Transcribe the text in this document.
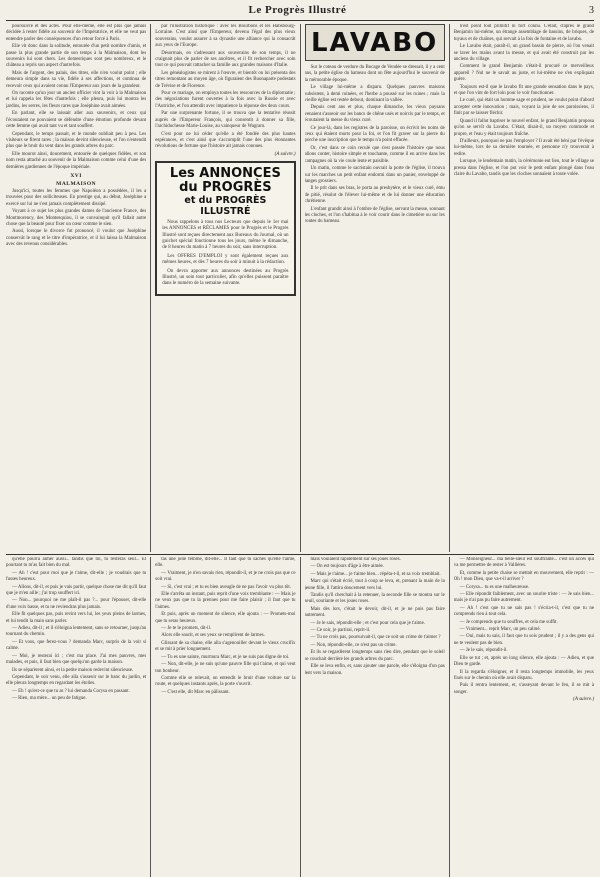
Le Progrès Illustré	3

poursuivre et des actes. Pour elle-même, elle est plus que jamais décidée à rester fidèle au souvenir de l'Impératrice, et elle ne veut pas entendre parler des conséquences d'un retour forcé à Paris.

Elle vit donc dans la solitude, entourée d'un petit nombre d'amis, et passe la plus grande partie de son temps à la Malmaison, dont les souvenirs lui sont chers. Les domestiques sont peu nombreux, et le château a repris son aspect d'autrefois.

Mais de l'argent, des palais, des titres, elle n'en voulut point ; elle demeura simple dans sa vie, fidèle à ses affections, et continua de recevoir ceux qui avaient connu l'Empereur aux jours de la grandeur.

On raconte qu'un jour un ancien officier vint la voir à la Malmaison et lui rappela les fêtes d'autrefois ; elle pleura, puis lui montra les jardins, les serres, les fleurs rares que Joséphine avait aimées.

En parlant, elle se laissait aller aux souvenirs, et ceux qui l'écoutaient ne pouvaient se défendre d'une émotion profonde devant cette femme qui avait tant vu et tant souffert.

Cependant, le temps passait, et le monde oubliait peu à peu. Les visiteurs se firent rares ; la maison devint silencieuse, et l'on n'entendit plus que le bruit du vent dans les grands arbres du parc.

Elle mourut ainsi, doucement, entourée de quelques fidèles, et son nom resta attaché au souvenir de la Malmaison comme celui d'une des dernières gardiennes de l'époque impériale.

XVI
MALMAISON

Jusqu'ici, toutes les femmes que Napoléon a possédées, il les a trouvées pour des solliciteuses. En prestige qui, au début, Joséphine a exercé sur lui ne s'est jamais complètement dissipé.

Voyant à ce sujet les plus grandes dames de l'ancienne France, des Montmorency, des Montesquiou, il se convainquit qu'il fallait autre chose que la beauté pour fixer un cœur comme le sien.

Aussi, lorsque le divorce fut prononcé, il voulut que Joséphine conservât le rang et le titre d'impératrice, et il lui laissa la Malmaison avec des revenus considérables.

par l'illustration historique : avec les Bourbons et les Habsbourg-Lorraine. C'est ainsi que l'Empereur, devenu l'égal des plus vieux souverains, voulut assurer à sa dynastie une alliance qui la consacrât aux yeux de l'Europe.

Désormais, en s'adressant aux souverains de son temps, il ne craignait plus de parler de ses ancêtres, et il fit rechercher avec soin tout ce qui pouvait rattacher sa famille aux grandes maisons d'Italie.

Les généalogistes se mirent à l'œuvre, et bientôt on lui présenta des titres remontant au moyen âge, où figuraient des Buonaparte podestats de Trévise et de Florence.

Pour ce mariage, on employa toutes les ressources de la diplomatie ; des négociations furent ouvertes à la fois avec la Russie et avec l'Autriche, et l'on attendit avec impatience la réponse des deux cours.

Par une surprenante fortune, il se trouva que la tentative réussit auprès de l'Empereur François, qui consentit à donner sa fille, l'archiduchesse Marie-Louise, au vainqueur de Wagram.

C'est pour ne lui céder qu'elle a été fondée des plus hautes espérances, et c'est ainsi que s'accomplit l'une des plus étonnantes révolutions de fortune que l'histoire ait jamais connues.

(A suivre.)
Les ANNONCES du PROGRÈS
et du PROGRÈS ILLUSTRÉ

Nous rappelons à tous nos Lecteurs que depuis le 1er mai les ANNONCES et RÉCLAMES pour le Progrès et le Progrès Illustré sont reçues directement aux Bureaux du Journal, où un guichet spécial fonctionne tous les jours, même le dimanche, de 8 heures du matin à 7 heures du soir, sans interruption.

Les OFFRES D'EMPLOI y sont également reçues aux mêmes heures, et dès 7 heures du soir à minuit à la rédaction.

On devra apporter aux annonces destinées au Progrès Illustré, un soin tout particulier, afin qu'elles puissent paraître dans le numéro de la semaine suivante.

LAVABO

Sur le coteau de verdure du Bocage de Vendée se dressait, il y a cent ans, la petite église du hameau dont on fête aujourd'hui le souvenir de la mémorable époque.

Le village lui-même a disparu. Quelques pauvres maisons subsistent, à demi ruinées, et l'herbe a poussé sur les ruines ; mais la vieille église est restée debout, dominant la vallée.

Depuis cent ans et plus, chaque dimanche, les vieux paysans venaient s'asseoir sur les bancs de chêne usés et noircis par le temps, et écoutaient la messe du vieux curé.

Ce jour-là, dans les registres de la paroisse, on écrivit les noms de ceux qui étaient morts pour la foi, et l'on fit graver sur la pierre du porche une inscription que le temps n'a point effacée.

Or, c'est dans ce coin reculé que s'est passée l'histoire que nous allons conter, histoire simple et touchante, comme il en arrive dans les campagnes où la vie coule lente et paisible.

Un matin, comme le sacristain ouvrait la porte de l'église, il trouva sur les marches un petit enfant endormi dans un panier, enveloppé de langes grossiers.

Il le prit dans ses bras, le porta au presbytère, et le vieux curé, ému de pitié, résolut de l'élever lui-même et de lui donner une éducation chrétienne.

L'enfant grandit ainsi à l'ombre de l'église, servant la messe, sonnant les cloches, et l'on s'habitua à le voir courir dans le cimetière ou sur les routes du hameau.

n'est point tout primitif ni fort connu. C'était, d'après le grand Benjamin lui-même, un étrange assemblage de bassins, de briques, de tuyaux et de chaînes, qui servait à la fois de fontaine et de lavabo.

Le Lavabo était, paraît-il, un grand bassin de pierre, où l'on venait se laver les mains avant la messe, et qui avait été construit par les anciens du village.

Comment le grand Benjamin s'était-il procuré ce merveilleux appareil ? Nul ne le savait au juste, et lui-même ne s'en expliquait guère.

Toujours est-il que le lavabo fit une grande sensation dans le pays, et que l'on vint de fort loin pour le voir fonctionner.

Le curé, qui était un homme sage et prudent, ne voulut point d'abord accepter cette innovation ; mais, voyant la joie de ses paroissiens, il finit par se laisser fléchir.

Quand il fallut baptiser le nouvel enfant, le grand Benjamin proposa qu'on se servît du Lavabo. C'était, disait-il, un moyen commode et propre, et l'eau y était toujours fraîche.

D'ailleurs, pourquoi ne pas l'employer ? Il avait été béni par l'évêque lui-même, lors de sa dernière tournée, et personne n'y trouverait à redire.

Lorsque, le lendemain matin, la cérémonie eut lieu, tout le village se pressa dans l'église, et l'on put voir le petit enfant plongé dans l'eau claire du Lavabo, tandis que les cloches sonnaient à toute volée.

qu'elle pourra aimer aussi... tandis que toi, tu resteras seul... Et pourtant tu m'as fait bien du mal.

— Ah ! c'est pour moi que je t'aime, dit-elle ; je voudrais que tu fusses heureux.

— Allons, dit-il, et puis je vais partir, quelque chose me dit qu'il faut que je m'en aille ; j'ai trop souffert ici.

— Non... pourquoi ne me plaît-il pas ?... pour l'épouser, dit-elle d'une voix basse, et tu ne reviendras plus jamais.

Elle fit quelques pas, puis revint vers lui, les yeux pleins de larmes, et lui tendit la main sans parler.

— Adieu, dit-il ; et il s'éloigna lentement, sans se retourner, jusqu'au tournant du chemin.

— Et vous, que ferez-vous ? demanda Marc, surpris de la voir si calme.

— Moi, je resterai ici ; c'est ma place. J'ai mes pauvres, mes malades, et puis, il faut bien que quelqu'un garde la maison.

Ils se séparèrent ainsi, et la petite maison redevint silencieuse.

Cependant, le soir venu, elle alla s'asseoir sur le banc du jardin, et elle pleura longtemps en regardant les étoiles.

— Eh ! qu'est-ce que tu as ? lui demanda Corysa en passant.

— Rien, ma mère... un peu de fatigue.

tas une jolie femme, dit-elle... Il faut que tu saches qu'elle t'aime, elle.

— Vraiment, je n'en savais rien, répondit-il, et je ne crois pas que ce soit vrai.

— Si, c'est vrai ; et tu es bien aveugle de ne pas l'avoir vu plus tôt.

Elle s'arrêta un instant, puis reprit d'une voix tremblante : — Mais je ne veux pas que tu la prennes pour me faire plaisir ; il faut que tu l'aimes.

Et puis, après un moment de silence, elle ajouta : — Promets-moi que tu seras heureux.

— Je te le promets, dit-il.

Alors elle sourit, et ses yeux se remplirent de larmes.

Glissant de sa chaise, elle alla s'agenouiller devant le vieux crucifix et se mit à prier longuement.

— Tu es une sainte, murmura Marc, et je ne suis pas digne de toi.

— Non, dit-elle, je ne suis qu'une pauvre fille qui t'aime, et qui veut ton bonheur.

Comme elle se relevait, on entendit le bruit d'une voiture sur la route, et quelques instants après, la porte s'ouvrit.

— C'est elle, dit Marc en pâlissant.

mais voulaient rapidement sur ses joues roses.

— On est toujours d'âge à être aimée.

— Mais je t'aime... je t'aime bien... répéta-t-il, et sa voix tremblait.

Marc qui s'était écrié, tout à coup se leva, et, prenant la main de la jeune fille, il l'attira doucement vers lui.

Tandis qu'il cherchait à la retenuer, la seconde fille se montra sur le seuil, souriante et les joues roses.

Mais dès lors, c'était le devoir, dit-il, et je ne puis pas faire autrement.

— Je le sais, répondit-elle ; et c'est pour cela que je t'aime.

— Ce soir, je partirai, reprit-il.

— Tu ne crois pas, poursuivait-il, que ce soit un crime de t'aimer ?

— Non, répondit-elle, ce n'est pas un crime.

Et ils se regardèrent longtemps sans rien dire, pendant que le soleil se couchait derrière les grands arbres du parc.

Elle se leva enfin, et, sans ajouter une parole, elle s'éloigna d'un pas lent vers la maison.

— Monseigneur... ma belle-sœur est souffrante... c'est un accès qui va me permettre de rester à Vallières.

Et, comme la petite chaise se mettait en mouvement, elle reprit : — Oh ! mon Dieu, que va-t-il arriver ?

— Corysa... tu es une malheureuse.

— Elle répondit faiblement, avec un sourire triste : — Je sais bien... mais je n'ai pas pu faire autrement.

— Ah ! c'est que tu ne sais pas ! s'écria-t-il, c'est que tu ne comprends rien à tout cela.

— Je comprends que tu souffres, et cela me suffit.

— Vraiment... reprit Marc, un peu calmé.

— Oui, mais tu sais, il faut que tu sois prudent ; il y a des gens qui ne te veulent pas de bien.

— Je le sais, répondit-il.

Elle se tut ; et, après un long silence, elle ajouta : — Adieu, et que Dieu te garde.

Il la regarda s'éloigner, et il resta longtemps immobile, les yeux fixés sur le chemin où elle avait disparu.

Puis il rentra lentement, et, s'asseyant devant le feu, il se mit à songer.

(A suivre.)
